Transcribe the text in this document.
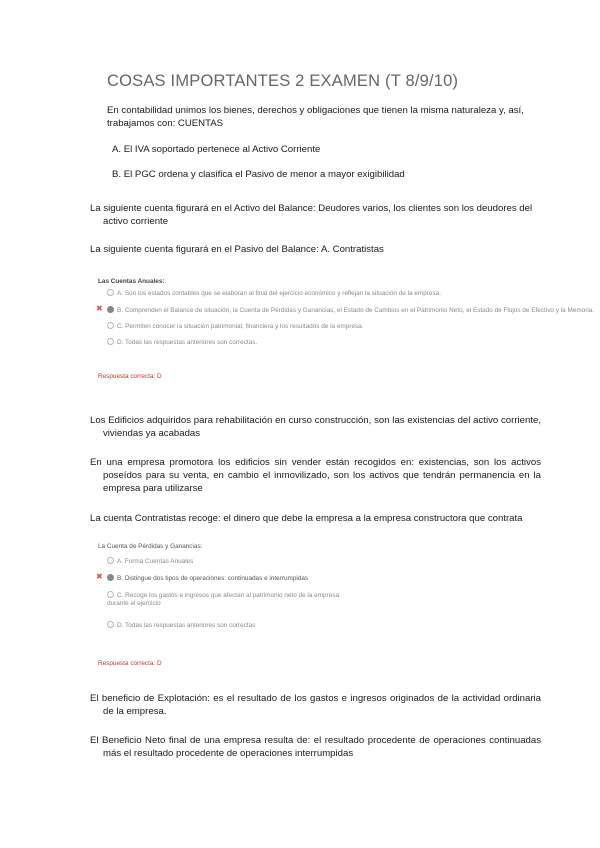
COSAS IMPORTANTES 2 EXAMEN (T 8/9/10)
En contabilidad unimos los bienes, derechos y obligaciones que tienen la misma naturaleza y, así, trabajamos con: CUENTAS
A. El IVA soportado pertenece al Activo Corriente
B. El PGC ordena y clasifica el Pasivo de menor a mayor exigibilidad
La siguiente cuenta figurará en el Activo del Balance: Deudores varios, los clientes son los deudores del activo corriente
La siguiente cuenta figurará en el Pasivo del Balance: A. Contratistas
Las Cuentas Anuales:
A. Son los estados contables que se elaboran al final del ejercicio económico y reflejan la situación de la empresa.
✖	B. Comprenden el Balance de situación, la Cuenta de Pérdidas y Ganancias, el Estado de Cambios en el Patrimonio Neto, el Estado de Flujos de Efectivo y la Memoria.
C. Permiten conocer la situación patrimonial, financiera y los resultados de la empresa.
D. Todas las respuestas anteriores son correctas.
Respuesta correcta: D
Los Edificios adquiridos para rehabilitación en curso construcción, son las existencias del activo corriente, viviendas ya acabadas
En una empresa promotora los edificios sin vender están recogidos en: existencias, son los activos poseídos para su venta, en cambio el inmovilizado, son los activos que tendrán permanencia en la empresa para utilizarse
La cuenta Contratistas recoge: el dinero que debe la empresa a la empresa constructora que contrata
La Cuenta de Pérdidas y Ganancias:
A. Forma Cuentas Anuales
✖	B. Distingue dos tipos de operaciones: continuadas e interrumpidas
C. Recoge los gastos e ingresos que afectan al patrimonio neto de la empresa durante el ejercicio
D. Todas las respuestas anteriores son correctas
Respuesta correcta: D
El beneficio de Explotación: es el resultado de los gastos e ingresos originados de la actividad ordinaria de la empresa.
El Beneficio Neto final de una empresa resulta de: el resultado procedente de operaciones continuadas más el resultado procedente de operaciones interrumpidas
